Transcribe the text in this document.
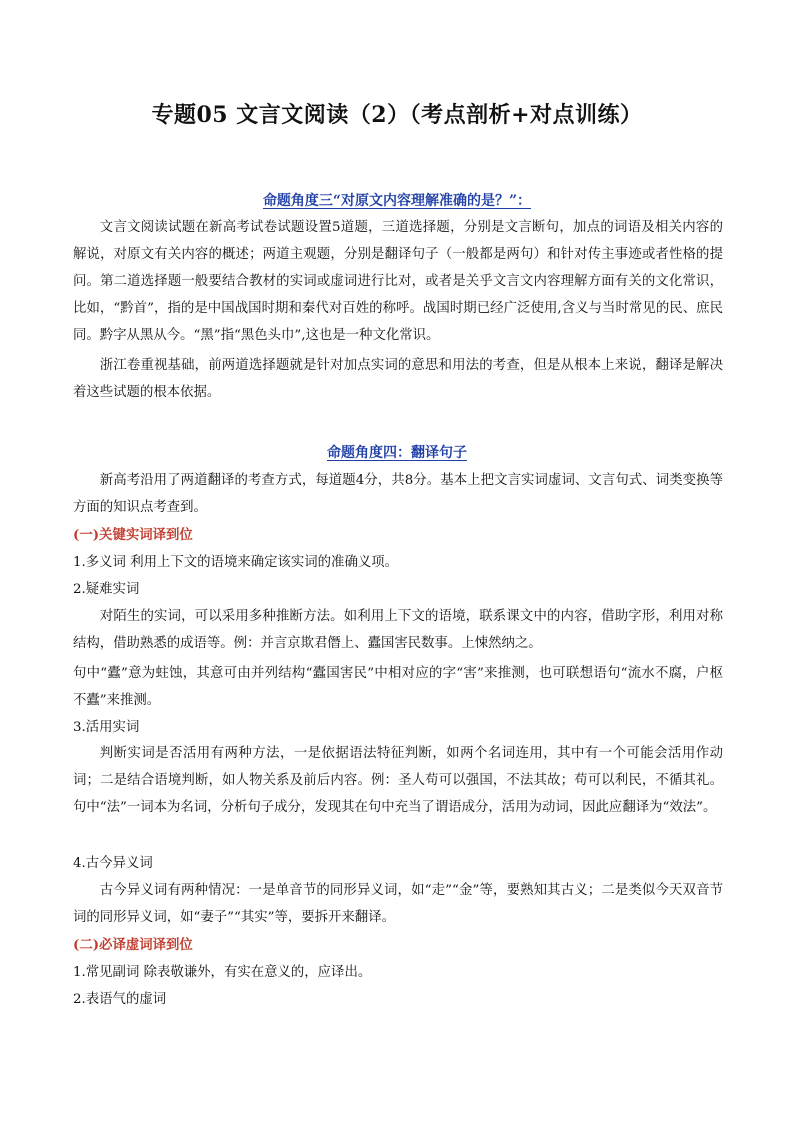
专题05 文言文阅读（2）（考点剖析+对点训练）
命题角度三“对原文内容理解准确的是？”：
文言文阅读试题在新高考试卷试题设置5道题，三道选择题，分别是文言断句，加点的词语及相关内容的解说，对原文有关内容的概述；两道主观题，分别是翻译句子（一般都是两句）和针对传主事迹或者性格的提问。第二道选择题一般要结合教材的实词或虚词进行比对，或者是关乎文言文内容理解方面有关的文化常识，比如，“黔首”，指的是中国战国时期和秦代对百姓的称呼。战国时期已经广泛使用,含义与当时常见的民、庶民同。黔字从黑从今。“黑”指“黑色头巾”,这也是一种文化常识。
浙江卷重视基础，前两道选择题就是针对加点实词的意思和用法的考查，但是从根本上来说，翻译是解决着这些试题的根本依据。
命题角度四：翻译句子
新高考沿用了两道翻译的考查方式，每道题4分，共8分。基本上把文言实词虚词、文言句式、词类变换等方面的知识点考查到。
(一)关键实词译到位
1.多义词 利用上下文的语境来确定该实词的准确义项。
2.疑难实词
对陌生的实词，可以采用多种推断方法。如利用上下文的语境，联系课文中的内容，借助字形，利用对称结构，借助熟悉的成语等。例：并言京欺君僭上、蠹国害民数事。上悚然纳之。
句中“蠹”意为蛀蚀，其意可由并列结构“蠹国害民”中相对应的字“害”来推测，也可联想语句“流水不腐，户枢不蠹”来推测。
3.活用实词
判断实词是否活用有两种方法，一是依据语法特征判断，如两个名词连用，其中有一个可能会活用作动词；二是结合语境判断，如人物关系及前后内容。例：圣人苟可以强国，不法其故；苟可以利民，不循其礼。句中“法”一词本为名词，分析句子成分，发现其在句中充当了谓语成分，活用为动词，因此应翻译为“效法”。
4.古今异义词
古今异义词有两种情况：一是单音节的同形异义词，如“走”“金”等，要熟知其古义；二是类似今天双音节词的同形异义词，如“妻子”“其实”等，要拆开来翻译。
(二)必译虚词译到位
1.常见副词 除表敬谦外，有实在意义的，应译出。
2.表语气的虚词
